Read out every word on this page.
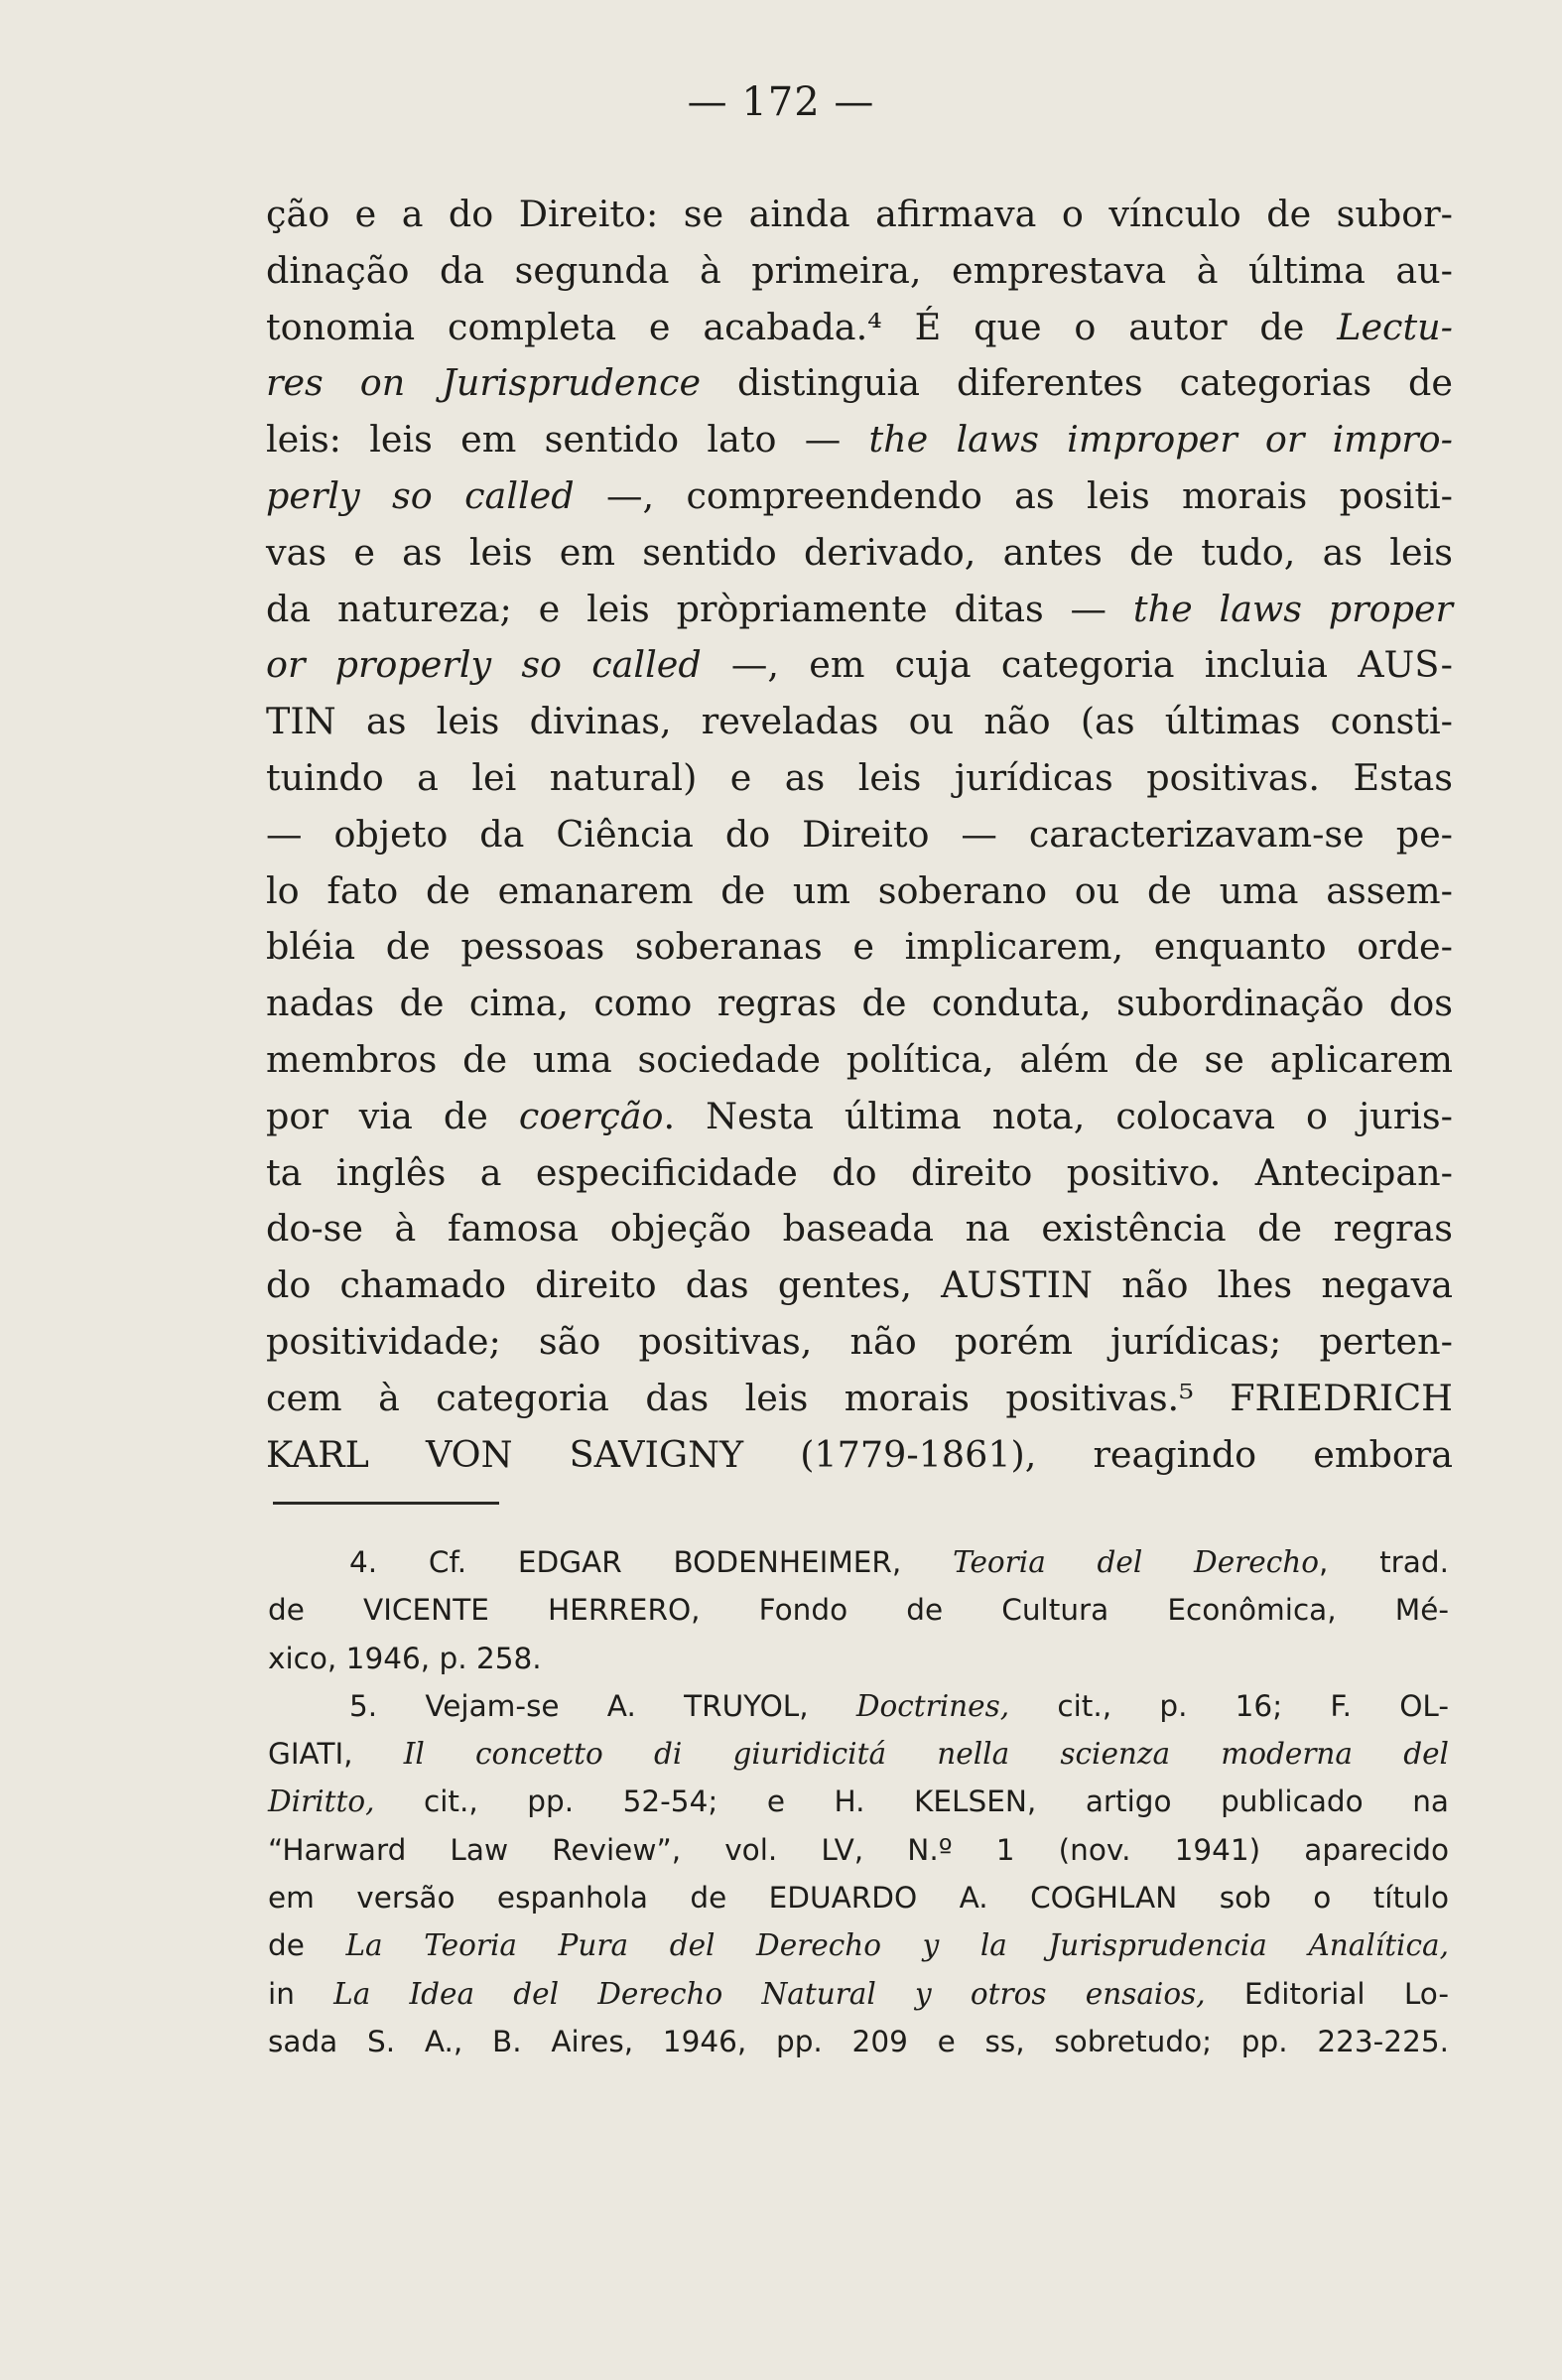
— 172 —
ção e a do Direito: se ainda afirmava o vínculo de subor-
dinação da segunda à primeira, emprestava à última au-
tonomia completa e acabada.⁴ É que o autor de Lectu-
res on Jurisprudence distinguia diferentes categorias de
leis: leis em sentido lato — the laws improper or impro-
perly so called —, compreendendo as leis morais positi-
vas e as leis em sentido derivado, antes de tudo, as leis
da natureza; e leis pròpriamente ditas — the laws proper
or properly so called —, em cuja categoria incluia AUS-
TIN as leis divinas, reveladas ou não (as últimas consti-
tuindo a lei natural) e as leis jurídicas positivas. Estas
— objeto da Ciência do Direito — caracterizavam-se pe-
lo fato de emanarem de um soberano ou de uma assem-
bléia de pessoas soberanas e implicarem, enquanto orde-
nadas de cima, como regras de conduta, subordinação dos
membros de uma sociedade política, além de se aplicarem
por via de coerção. Nesta última nota, colocava o juris-
ta inglês a especificidade do direito positivo. Antecipan-
do-se à famosa objeção baseada na existência de regras
do chamado direito das gentes, AUSTIN não lhes negava
positividade; são positivas, não porém jurídicas; perten-
cem à categoria das leis morais positivas.⁵ FRIEDRICH
KARL VON SAVIGNY (1779-1861), reagindo embora
4. Cf. EDGAR BODENHEIMER, Teoria del Derecho, trad.
de VICENTE HERRERO, Fondo de Cultura Econômica, Mé-
xico, 1946, p. 258.
5. Vejam-se A. TRUYOL, Doctrines, cit., p. 16; F. OL-
GIATI, Il concetto di giuridicitá nella scienza moderna del
Diritto, cit., pp. 52-54; e H. KELSEN, artigo publicado na
“Harward Law Review”, vol. LV, N.º 1 (nov. 1941) aparecido
em versão espanhola de EDUARDO A. COGHLAN sob o título
de La Teoria Pura del Derecho y la Jurisprudencia Analítica,
in La Idea del Derecho Natural y otros ensaios, Editorial Lo-
sada S. A., B. Aires, 1946, pp. 209 e ss, sobretudo; pp. 223-225.
